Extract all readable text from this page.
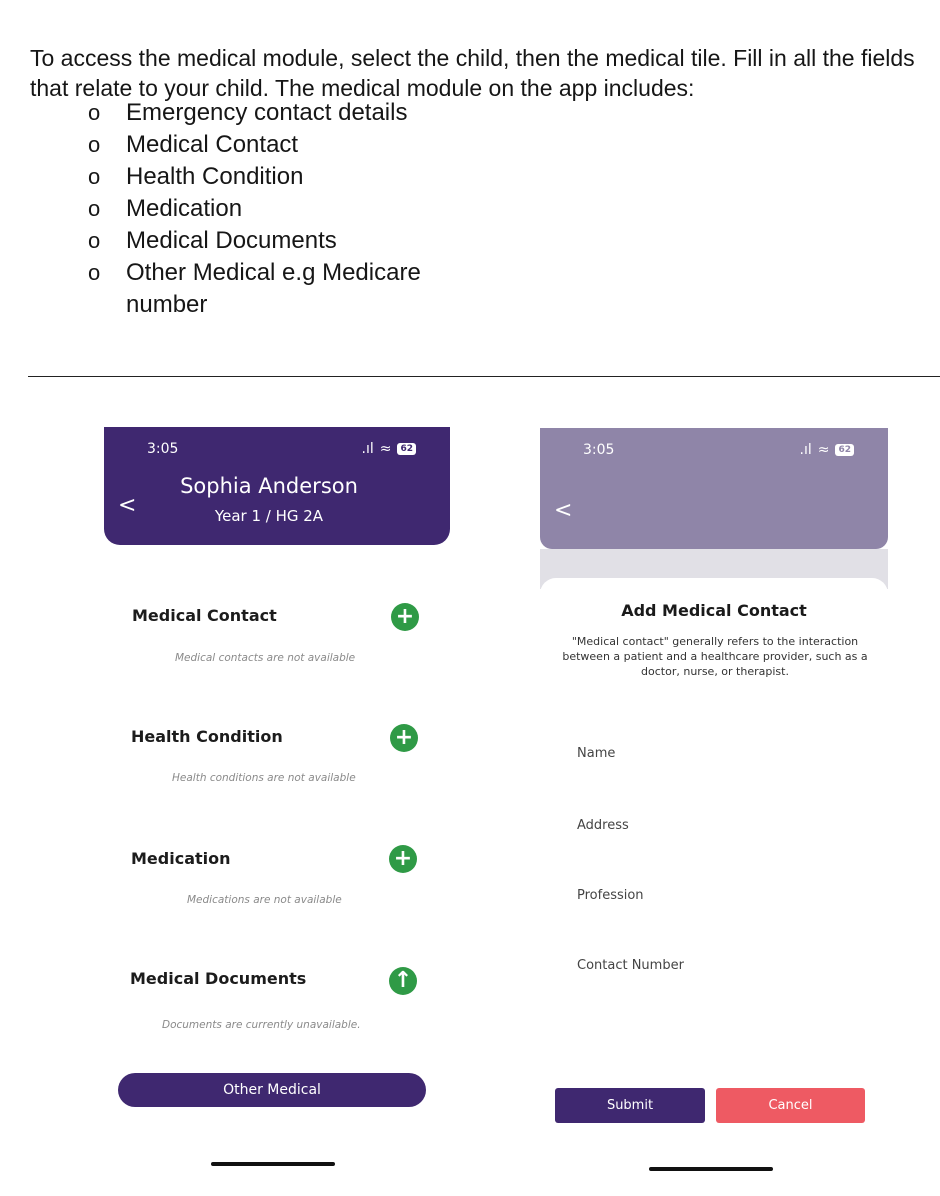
To access the medical module, select the child, then the medical tile. Fill in all the fields that relate to your child. The medical module on the app includes:

o Emergency contact details
o Medical Contact
o Health Condition
o Medication
o Medical Documents
o Other Medical e.g Medicare number
3:05	.ıl ≈	62
<
Sophia Anderson
Year 1 / HG 2A
Medical Contact	+
Medical contacts are not available
Health Condition	+
Health conditions are not available
Medication	+
Medications are not available
Medical Documents	↑
Documents are currently unavailable.
Other Medical
3:05	.ıl ≈	62
<
Add Medical Contact
"Medical contact" generally refers to the interaction between a patient and a healthcare provider, such as a doctor, nurse, or therapist.
Name
Address
Profession
Contact Number
Submit	Cancel
